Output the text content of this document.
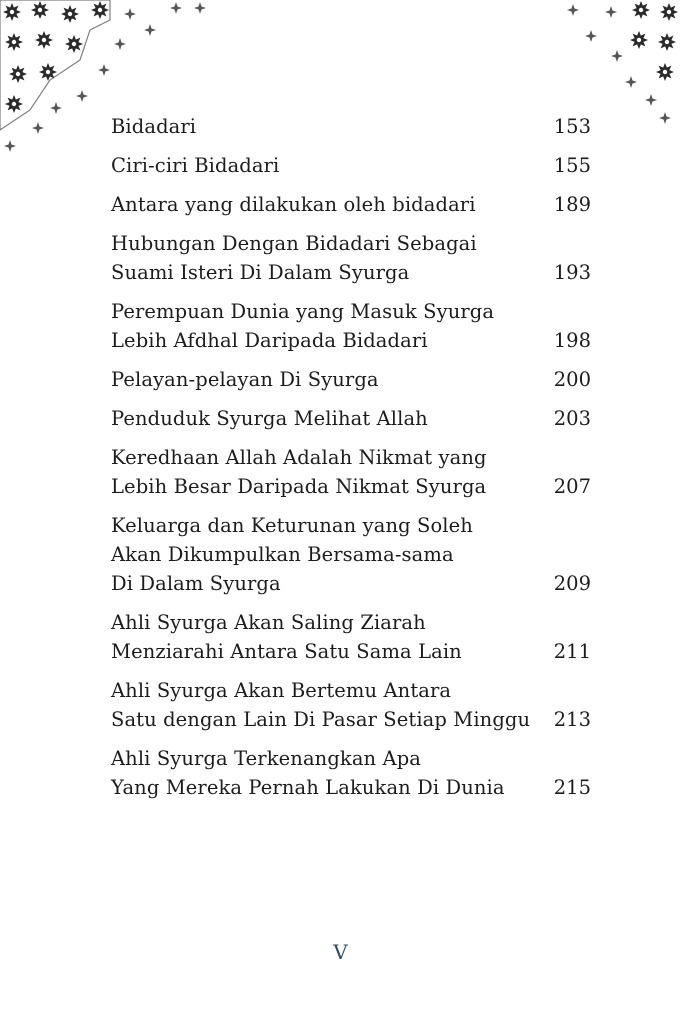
Bidadari	153
Ciri-ciri Bidadari	155
Antara yang dilakukan oleh bidadari	189
Hubungan Dengan Bidadari Sebagai
Suami Isteri Di Dalam Syurga	193
Perempuan Dunia yang Masuk Syurga
Lebih Afdhal Daripada Bidadari	198
Pelayan-pelayan Di Syurga	200
Penduduk Syurga Melihat Allah	203
Keredhaan Allah Adalah Nikmat yang
Lebih Besar Daripada Nikmat Syurga	207
Keluarga dan Keturunan yang Soleh
Akan Dikumpulkan Bersama-sama
Di Dalam Syurga	209
Ahli Syurga Akan Saling Ziarah
Menziarahi Antara Satu Sama Lain	211
Ahli Syurga Akan Bertemu Antara
Satu dengan Lain Di Pasar Setiap Minggu	213
Ahli Syurga Terkenangkan Apa
Yang Mereka Pernah Lakukan Di Dunia	215
V
